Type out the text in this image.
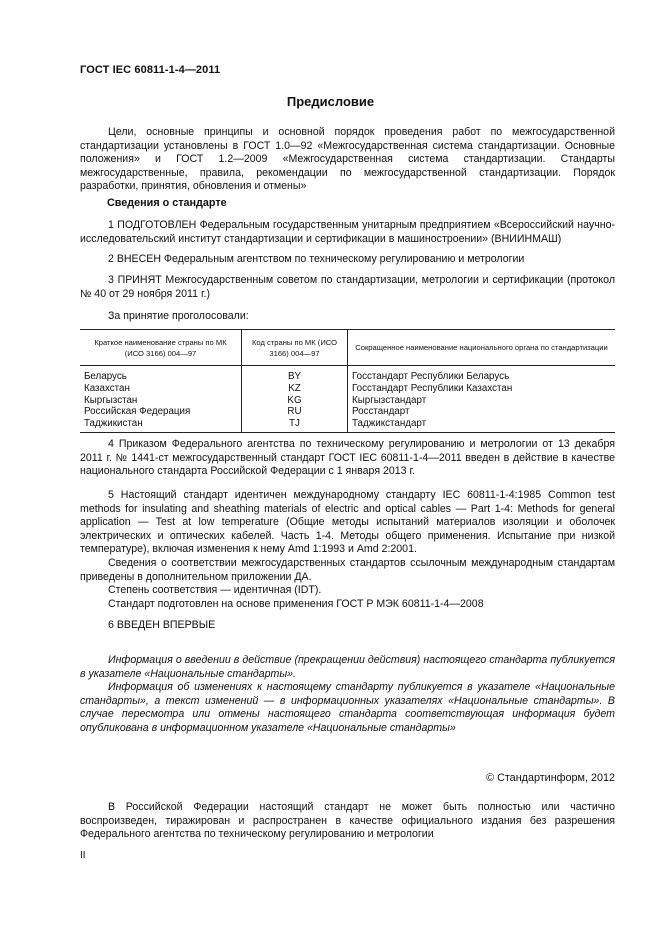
ГОСТ IEC 60811-1-4—2011
Предисловие

Цели, основные принципы и основной порядок проведения работ по межгосударственной стандартизации установлены в ГОСТ 1.0—92 «Межгосударственная система стандартизации. Основные положения» и ГОСТ 1.2—2009 «Межгосударственная система стандартизации. Стандарты межгосударственные, правила, рекомендации по межгосударственной стандартизации. Порядок разработки, принятия, обновления и отмены»

Сведения о стандарте

1 ПОДГОТОВЛЕН Федеральным государственным унитарным предприятием «Всероссийский научно-исследовательский институт стандартизации и сертификации в машиностроении» (ВНИИНМАШ)

2 ВНЕСЕН Федеральным агентством по техническому регулированию и метрологии

3 ПРИНЯТ Межгосударственным советом по стандартизации, метрологии и сертификации (протокол № 40 от 29 ноября 2011 г.)

За принятие проголосовали:

Краткое наименование страны по МК (ИСО 3166) 004—97	Код страны по МК (ИСО 3166) 004—97	Сокращенное наименование национального органа по стандартизации
Беларусь	BY	Госстандарт Республики Беларусь
Казахстан	KZ	Госстандарт Республики Казахстан
Кыргызстан	KG	Кыргызстандарт
Российская Федерация	RU	Росстандарт
Таджикистан	TJ	Таджикстандарт

4 Приказом Федерального агентства по техническому регулированию и метрологии от 13 декабря 2011 г. № 1441-ст межгосударственный стандарт ГОСТ IEC 60811-1-4—2011 введен в действие в качестве национального стандарта Российской Федерации с 1 января 2013 г.

5 Настоящий стандарт идентичен международному стандарту IEC 60811-1-4:1985 Common test methods for insulating and sheathing materials of electric and optical cables — Part 1-4: Methods for general application — Test at low temperature (Общие методы испытаний материалов изоляции и оболочек электрических и оптических кабелей. Часть 1-4. Методы общего применения. Испытание при низкой температуре), включая изменения к нему Amd 1:1993 и Amd 2:2001.

Сведения о соответствии межгосударственных стандартов ссылочным международным стандартам приведены в дополнительном приложении ДА.

Степень соответствия — идентичная (IDT).

Стандарт подготовлен на основе применения ГОСТ Р МЭК 60811-1-4—2008

6 ВВЕДЕН ВПЕРВЫЕ

Информация о введении в действие (прекращении действия) настоящего стандарта публикуется в указателе «Национальные стандарты».

Информация об изменениях к настоящему стандарту публикуется в указателе «Национальные стандарты», а текст изменений — в информационных указателях «Национальные стандарты». В случае пересмотра или отмены настоящего стандарта соответствующая информация будет опубликована в информационном указателе «Национальные стандарты»

© Стандартинформ, 2012

В Российской Федерации настоящий стандарт не может быть полностью или частично воспроизведен, тиражирован и распространен в качестве официального издания без разрешения Федерального агентства по техническому регулированию и метрологии

II
